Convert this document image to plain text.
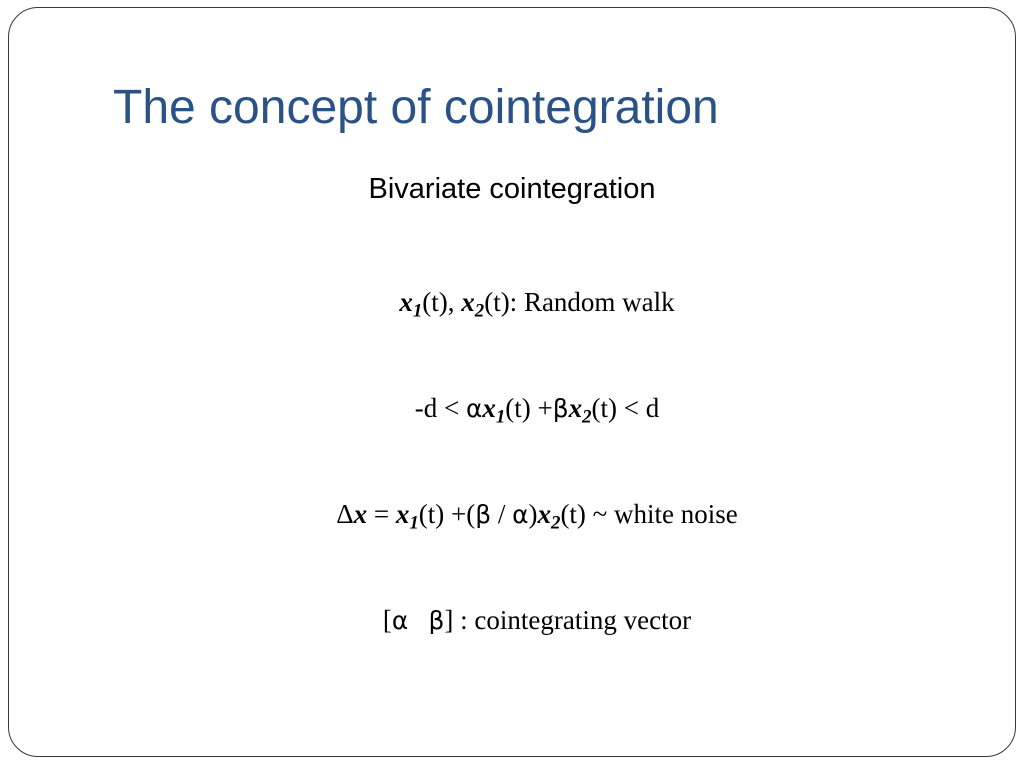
The concept of cointegration
Bivariate cointegration
$x_1(t)$, $x_2(t)$: Random walk
$-d < \alpha x_1(t) +\beta x_2(t) < d$
$\Delta x = x_1(t) +(\beta / \alpha)x_2(t)$ ~ white noise
[α β] : cointegrating vector
